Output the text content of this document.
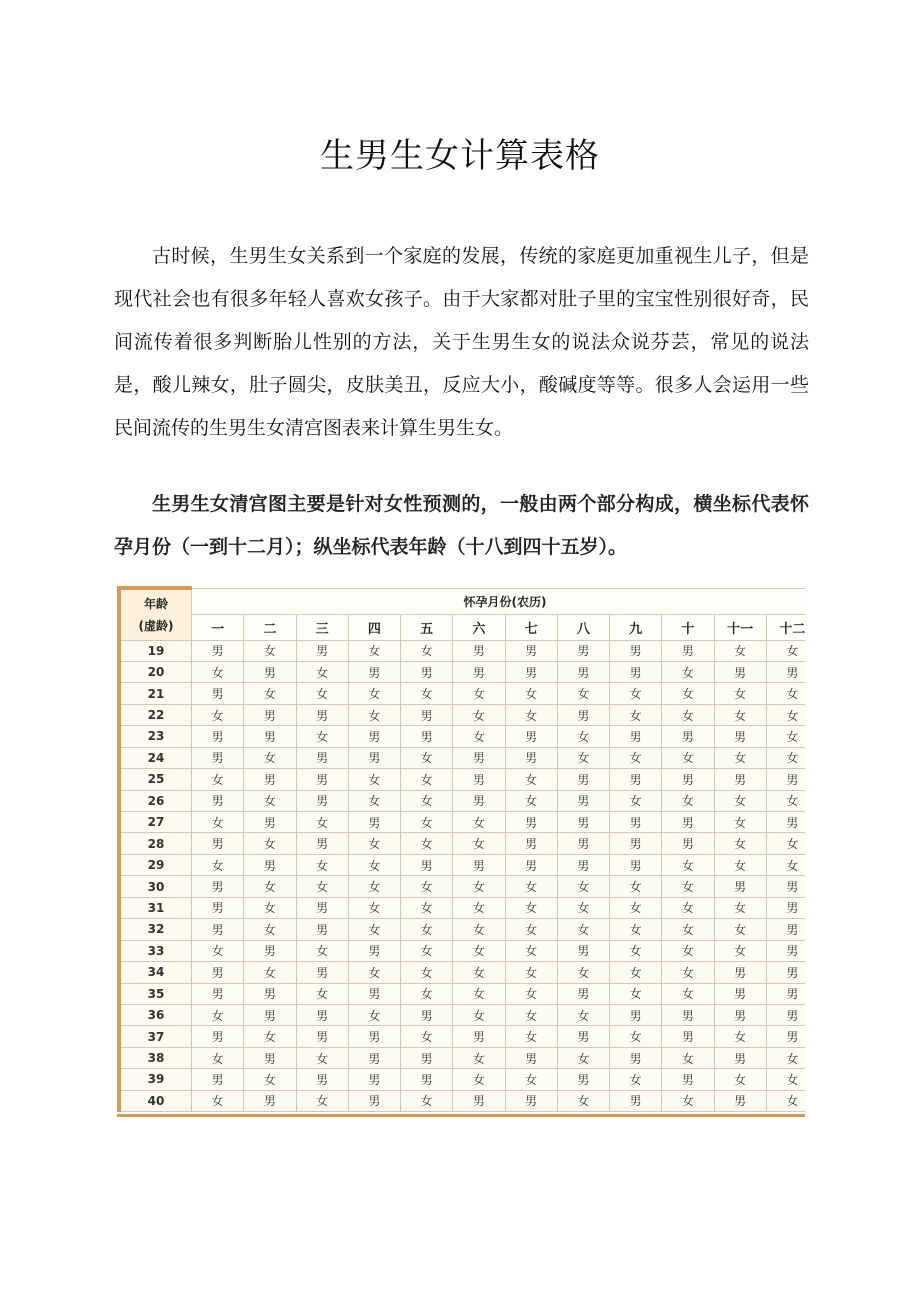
生男生女计算表格

古时候，生男生女关系到一个家庭的发展，传统的家庭更加重视生儿子，但是现代社会也有很多年轻人喜欢女孩子。由于大家都对肚子里的宝宝性别很好奇，民间流传着很多判断胎儿性别的方法，关于生男生女的说法众说芬芸，常见的说法是，酸儿辣女，肚子圆尖，皮肤美丑，反应大小，酸碱度等等。很多人会运用一些民间流传的生男生女清宫图表来计算生男生女。

生男生女清宫图主要是针对女性预测的，一般由两个部分构成，横坐标代表怀孕月份（一到十二月）；纵坐标代表年龄（十八到四十五岁）。

年龄
(虚龄)	怀孕月份(农历)											
	一	二	三	四	五	六	七	八	九	十	十一	十二
19	男	女	男	女	女	男	男	男	男	男	女	女
20	女	男	女	男	男	男	男	男	男	女	男	男
21	男	女	女	女	女	女	女	女	女	女	女	女
22	女	男	男	女	男	女	女	男	女	女	女	女
23	男	男	女	男	男	女	男	女	男	男	男	女
24	男	女	男	男	女	男	男	女	女	女	女	女
25	女	男	男	女	女	男	女	男	男	男	男	男
26	男	女	男	女	女	男	女	男	女	女	女	女
27	女	男	女	男	女	女	男	男	男	男	女	男
28	男	女	男	女	女	女	男	男	男	男	女	女
29	女	男	女	女	男	男	男	男	男	女	女	女
30	男	女	女	女	女	女	女	女	女	女	男	男
31	男	女	男	女	女	女	女	女	女	女	女	男
32	男	女	男	女	女	女	女	女	女	女	女	男
33	女	男	女	男	女	女	女	男	女	女	女	男
34	男	女	男	女	女	女	女	女	女	女	男	男
35	男	男	女	男	女	女	女	男	女	女	男	男
36	女	男	男	女	男	女	女	女	男	男	男	男
37	男	女	男	男	女	男	女	男	女	男	女	男
38	女	男	女	男	男	女	男	女	男	女	男	女
39	男	女	男	男	男	女	女	男	女	男	女	女
40	女	男	女	男	女	男	男	女	男	女	男	女
